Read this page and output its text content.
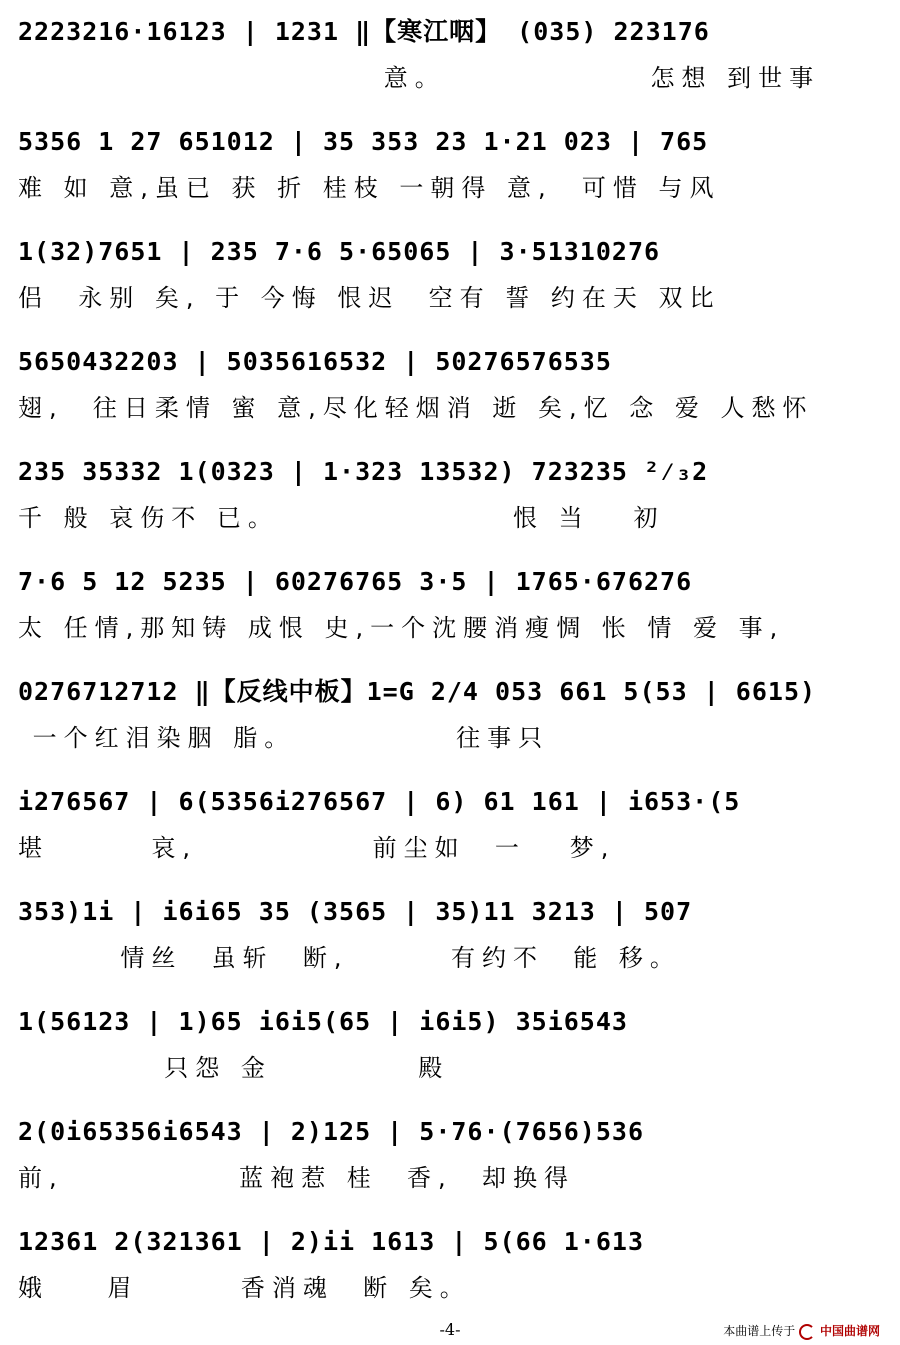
2223216·16123 | 1231 ‖【寒江咽】 (035) 223176
意。              怎想 到世事
5356 1 27 651012 | 35 353 23 1·21 023 | 765
难 如 意,虽已 获 折 桂枝 一朝得 意,  可惜 与风
1(32)7651 | 235 7·6 5·65065 | 3·51310276
侣  永别 矣, 于 今悔 恨迟  空有 誓 约在天 双比
5650432203 | 5035616532 | 50276576535
翅,  往日柔情 蜜 意,尽化轻烟消 逝 矣,忆 念 爱 人愁怀
235 35332 1(0323 | 1·323 13532) 723235 ²⁄₃2
千 般 哀伤不 已。                恨 当   初
7·6 5 12 5235 | 60276765 3·5 | 1765·676276
太 任情,那知铸 成恨 史,一个沈腰消瘦惆 怅 情 爱 事,
0276712712 ‖【反线中板】1=G 2/4 053 661 5(53 | 6615)
一个红泪染胭 脂。           往事只
i276567 | 6(5356i276567 | 6) 61 161 | i653·(5
堪       哀,            前尘如  一   梦,
353)1i | i6i65 35 (3565 | 35)11 3213 | 507
情丝  虽斩  断,       有约不  能 移。
1(56123 | 1)65 i6i5(65 | i6i5) 35i6543
只怨 金          殿
2(0i65356i6543 | 2)125 | 5·76·(7656)536
前,            蓝袍惹 桂  香,  却换得
12361 2(321361 | 2)ii 1613 | 5(66 1·613
娥    眉       香消魂  断 矣。
-4-	本曲谱上传于 中国曲谱网
